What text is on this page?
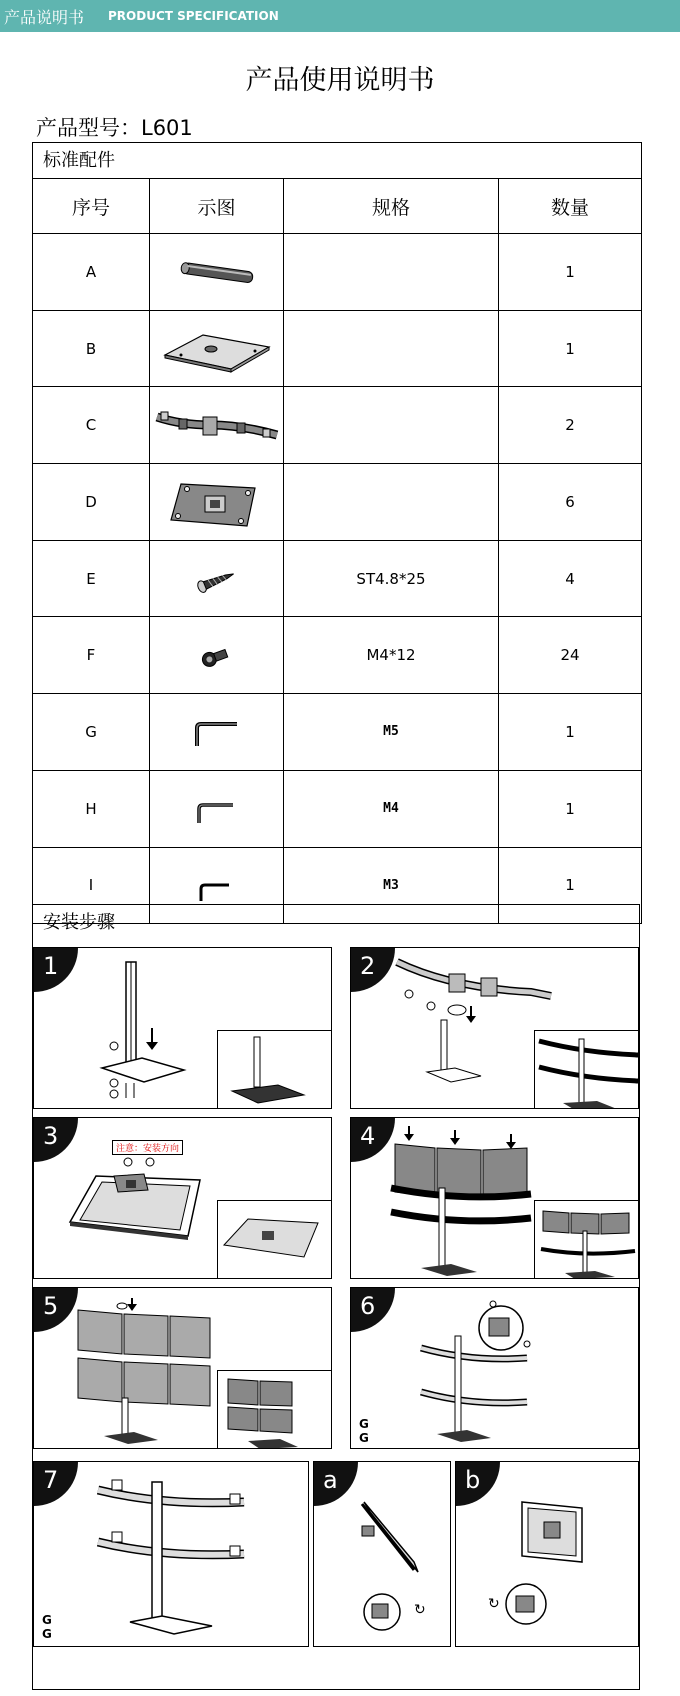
产品说明书 PRODUCT SPECIFICATION
产品使用说明书
产品型号：L601
标准配件
序号	示图	规格	数量
A			1
B			1
C			2
D			6
E		ST4.8*25	4
F		M4*12	24
G		M5	1
H		M4	1
I		M3	1
安装步骤
1	2
3	注意：安装方向	4
5	6
G
G
7
G
G
a
↻
b
↻
